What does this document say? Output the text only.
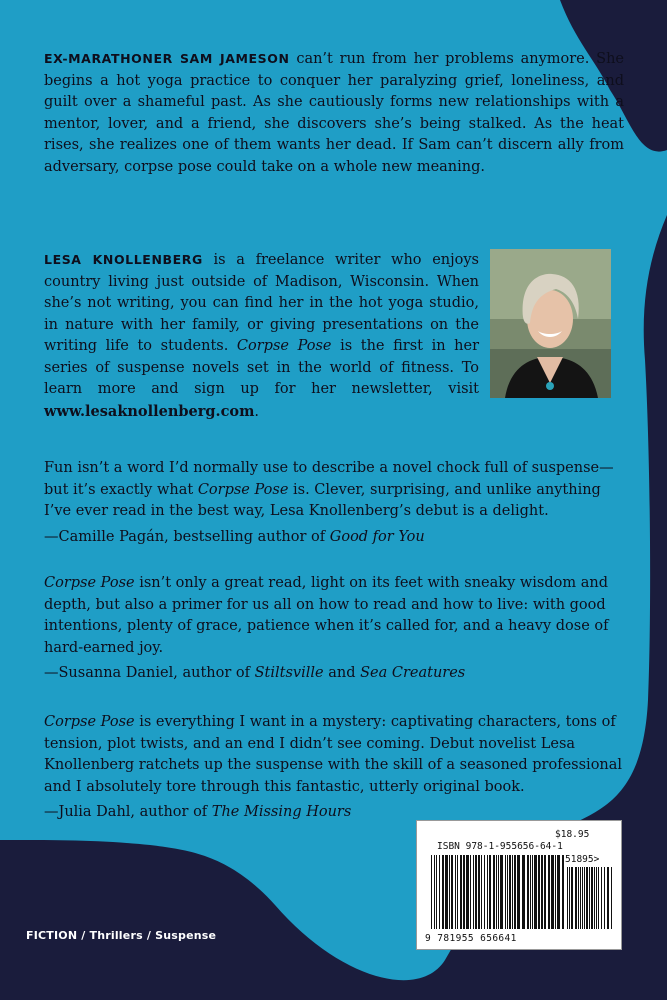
EX-MARATHONER SAM JAMESON can’t run from her problems anymore. She begins a hot yoga practice to conquer her paralyzing grief, loneliness, and guilt over a shameful past. As she cautiously forms new relationships with a mentor, lover, and a friend, she discovers she’s being stalked. As the heat rises, she realizes one of them wants her dead. If Sam can’t discern ally from adversary, corpse pose could take on a whole new meaning.
LESA KNOLLENBERG is a freelance writer who enjoys country living just outside of Madison, Wisconsin. When she’s not writing, you can find her in the hot yoga studio, in nature with her family, or giving presentations on the writing life to students. Corpse Pose is the first in her series of suspense novels set in the world of fitness. To learn more and sign up for her newsletter, visit www.lesaknollenberg.com.
Fun isn’t a word I’d normally use to describe a novel chock full of suspense—but it’s exactly what Corpse Pose is. Clever, surprising, and unlike anything I’ve ever read in the best way, Lesa Knollenberg’s debut is a delight.
—Camille Pagán, bestselling author of Good for You
Corpse Pose isn’t only a great read, light on its feet with sneaky wisdom and depth, but also a primer for us all on how to read and how to live: with good intentions, plenty of grace, patience when it’s called for, and a heavy dose of hard-earned joy.
—Susanna Daniel, author of Stiltsville and Sea Creatures
Corpse Pose is everything I want in a mystery: captivating characters, tons of tension, plot twists, and an end I didn’t see coming. Debut novelist Lesa Knollenberg ratchets up the suspense with the skill of a seasoned professional and I absolutely tore through this fantastic, utterly original book.
—Julia Dahl, author of The Missing Hours
$18.95
ISBN 978-1-955656-64-1
51895>
9 781955 656641
FICTION / Thrillers / Suspense
